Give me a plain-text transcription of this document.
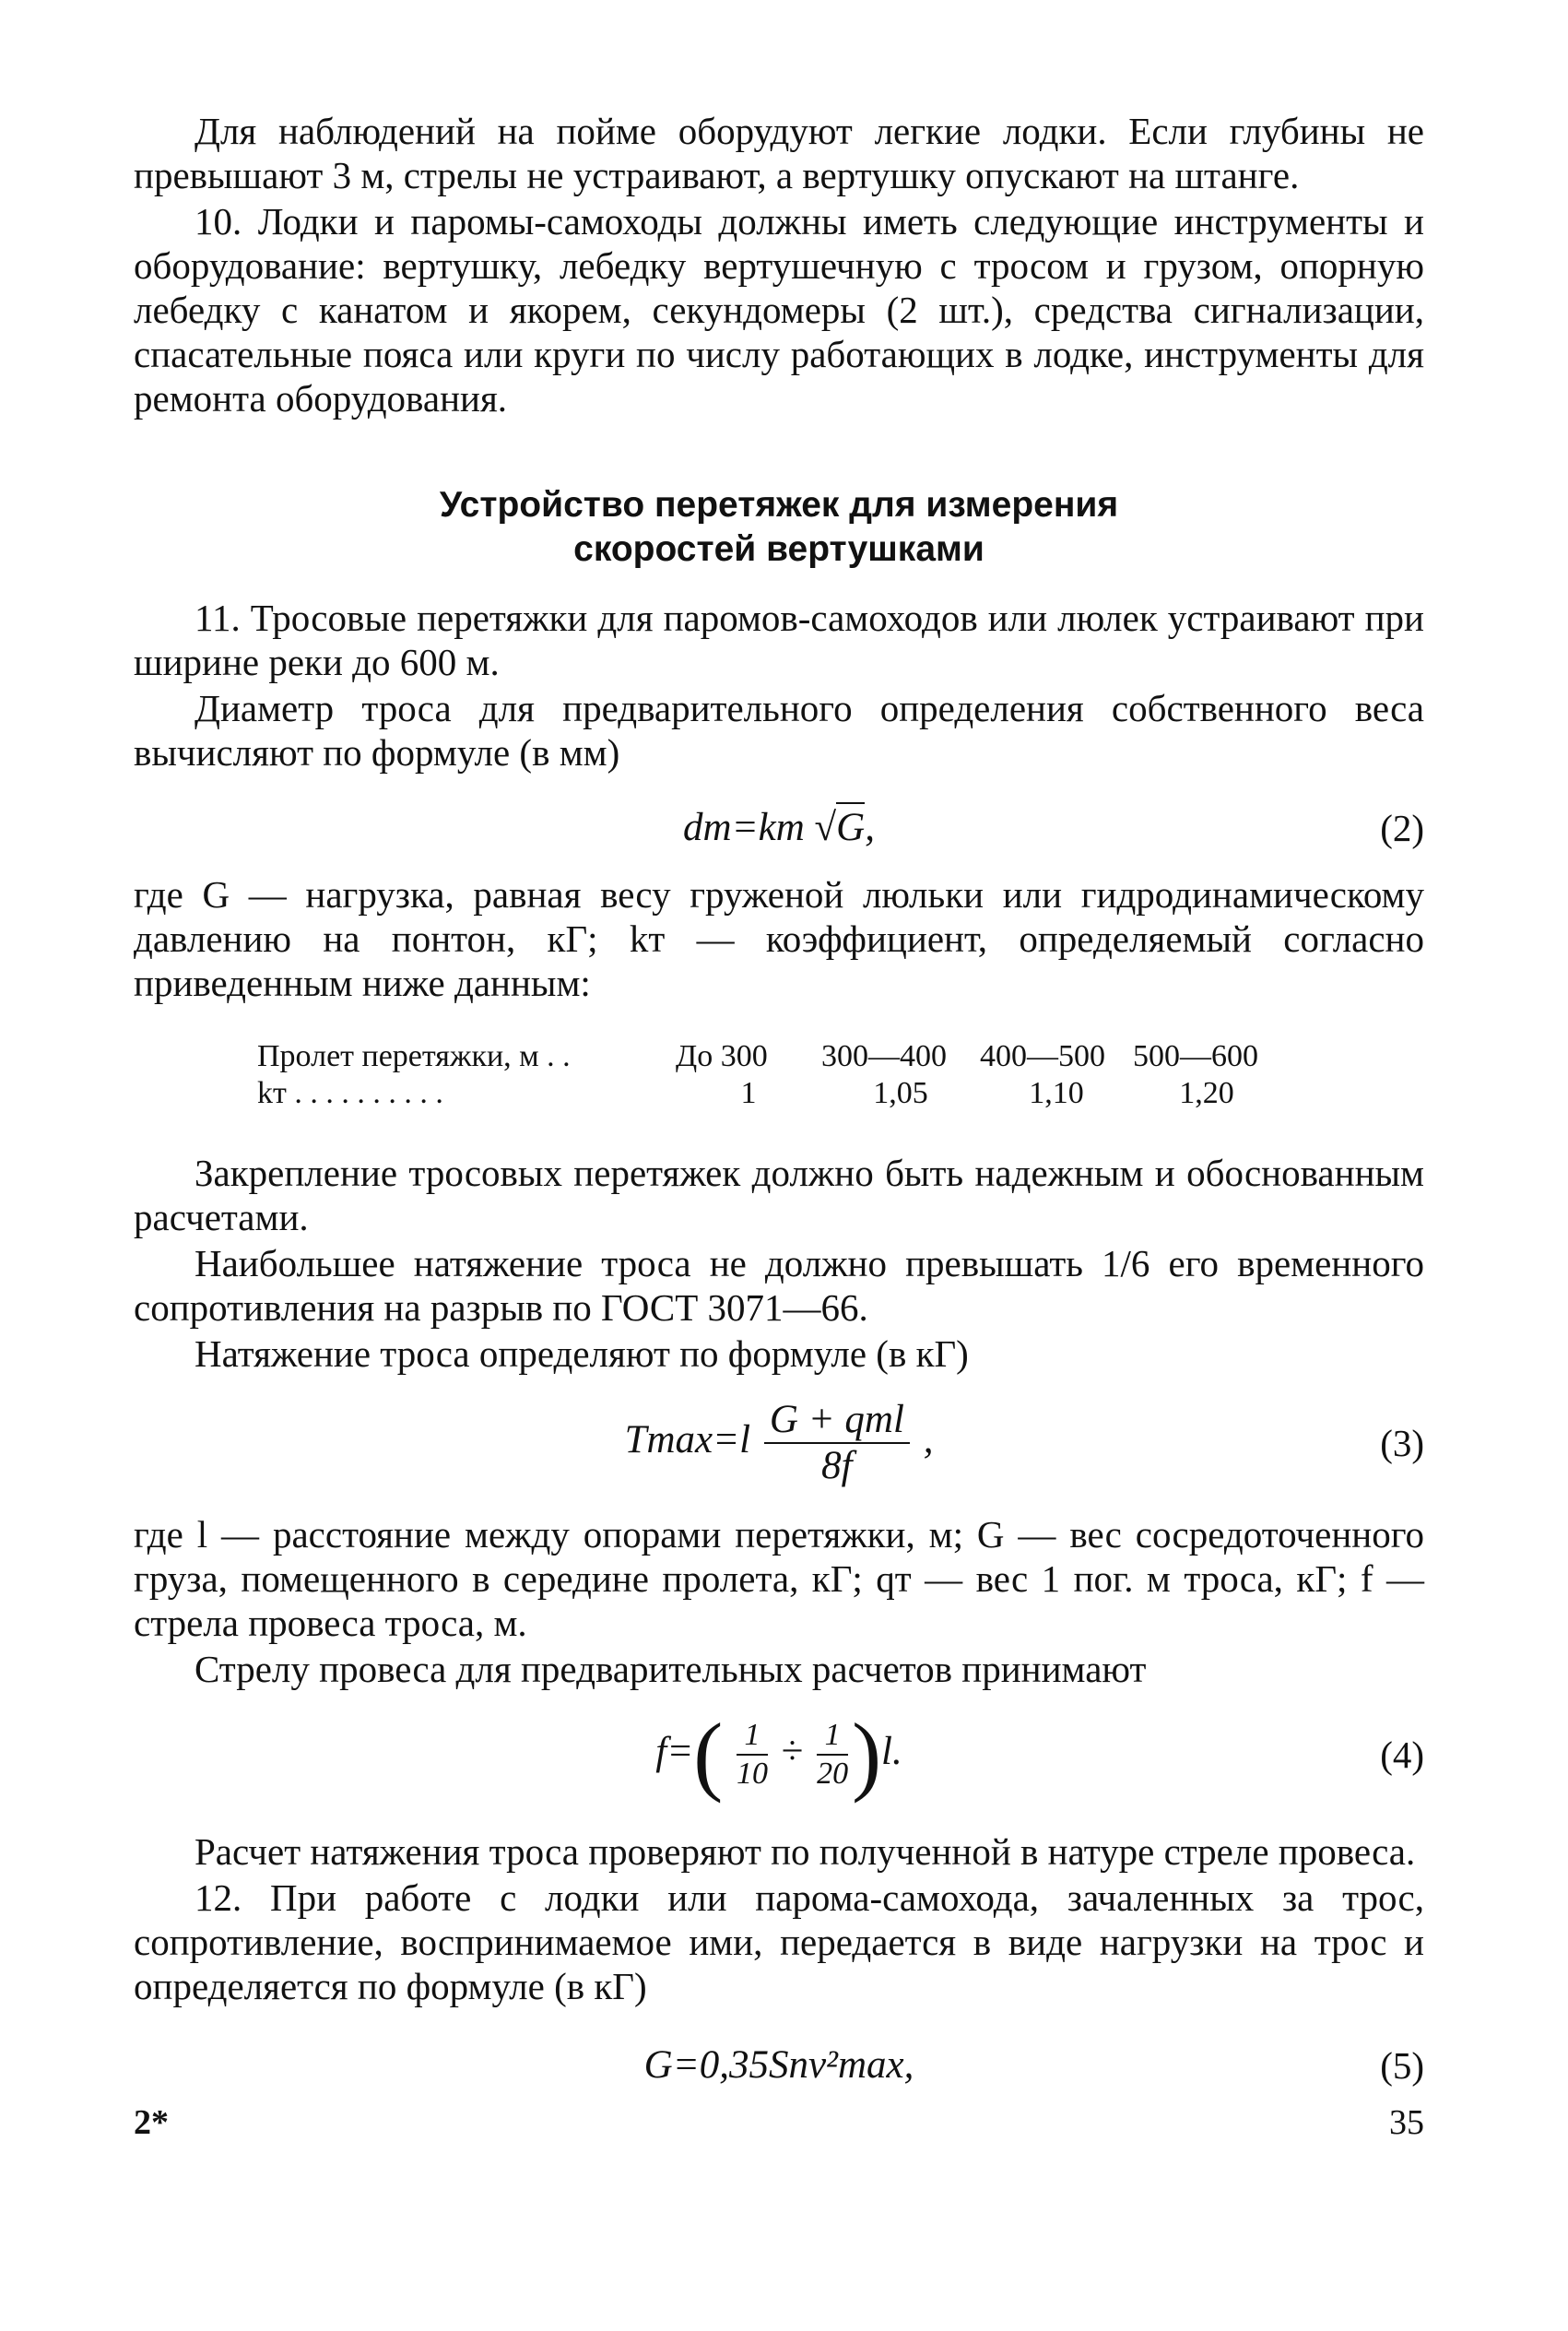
Для наблюдений на пойме оборудуют легкие лодки. Если глубины не превышают 3 м, стрелы не устраивают, а вертушку опускают на штанге.

10. Лодки и паромы-самоходы должны иметь следующие инструменты и оборудование: вертушку, лебедку вертушечную с тросом и грузом, опорную лебедку с канатом и якорем, секундомеры (2 шт.), средства сигнализации, спасательные пояса или круги по числу работающих в лодке, инструменты для ремонта оборудования.

Устройство перетяжек для измерения
скоростей вертушками

11. Тросовые перетяжки для паромов-самоходов или люлек устраивают при ширине реки до 600 м.

Диаметр троса для предварительного определения собственного веса вычисляют по формуле (в мм)

dт=kт √G,	(2)

где G — нагрузка, равная весу груженой люльки или гидродинамическому давлению на понтон, кГ; kт — коэффициент, определяемый согласно приведенным ниже данным:

Пролет перетяжки, м . .	До 300	300—400	400—500 500—600
kт . . . . . . . . . .	1	1,05	1,10	1,20

Закрепление тросовых перетяжек должно быть надежным и обоснованным расчетами.

Наибольшее натяжение троса не должно превышать 1/6 его временного сопротивления на разрыв по ГОСТ 3071—66.

Натяжение троса определяют по формуле (в кГ)

$Tmax=l \frac{\text{G + qтl}}{8f}$ ,	(3)

где l — расстояние между опорами перетяжки, м; G — вес сосредоточенного груза, помещенного в середине пролета, кГ; qт — вес 1 пог. м троса, кГ; f — стрела провеса троса, м.

Стрелу провеса для предварительных расчетов принимают

$f=( \frac{1}{10} \div \frac{1}{20} )l$.	(4)

Расчет натяжения троса проверяют по полученной в натуре стреле провеса.

12. При работе с лодки или парома-самохода, зачаленных за трос, сопротивление, воспринимаемое ими, передается в виде нагрузки на трос и определяется по формуле (в кГ)

G=0,35Sпv²max,	(5)
2*	35
